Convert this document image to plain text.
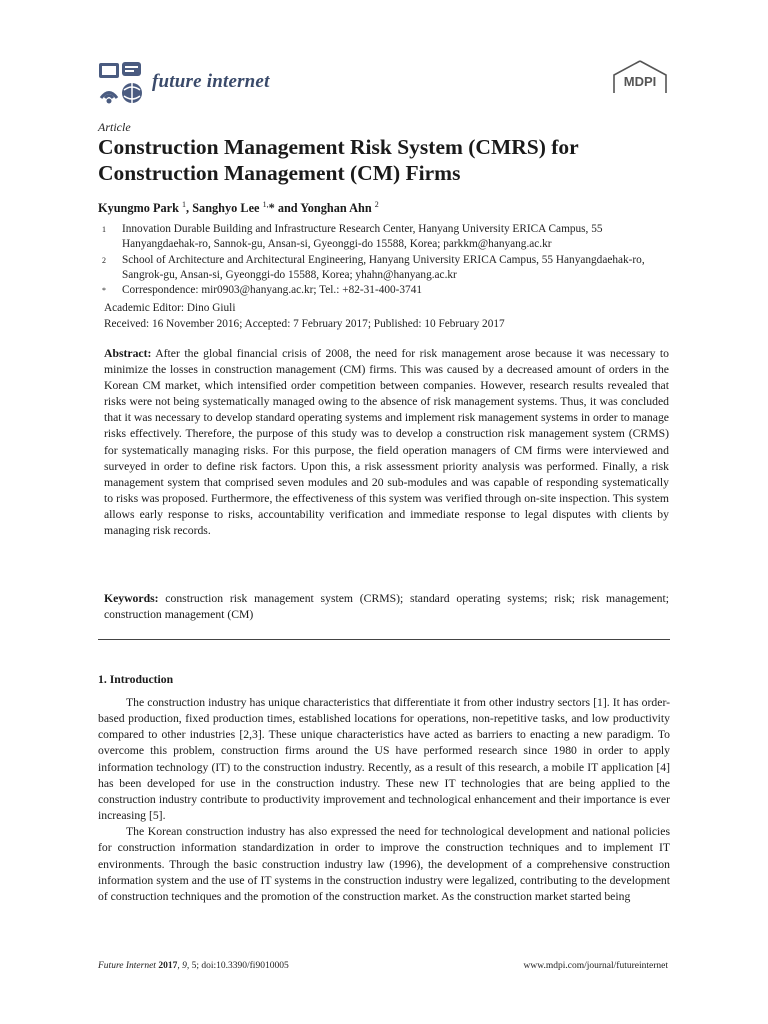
future internet	MDPI
Article
Construction Management Risk System (CMRS) for Construction Management (CM) Firms
Kyungmo Park $^1$, Sanghyo Lee $^{1,}$* and Yonghan Ahn $^2$
1	Innovation Durable Building and Infrastructure Research Center, Hanyang University ERICA Campus, 55 Hanyangdaehak-ro, Sannok-gu, Ansan-si, Gyeonggi-do 15588, Korea; parkkm@hanyang.ac.kr
2	School of Architecture and Architectural Engineering, Hanyang University ERICA Campus, 55 Hanyangdaehak-ro, Sangrok-gu, Ansan-si, Gyeonggi-do 15588, Korea; yhahn@hanyang.ac.kr
*	Correspondence: mir0903@hanyang.ac.kr; Tel.: +82-31-400-3741
Academic Editor: Dino Giuli
Received: 16 November 2016; Accepted: 7 February 2017; Published: 10 February 2017

Abstract: After the global financial crisis of 2008, the need for risk management arose because it was necessary to minimize the losses in construction management (CM) firms. This was caused by a decreased amount of orders in the Korean CM market, which intensified order competition between companies. However, research results revealed that risks were not being systematically managed owing to the absence of risk management systems. Thus, it was concluded that it was necessary to develop standard operating systems and implement risk management systems in order to manage risks effectively. Therefore, the purpose of this study was to develop a construction risk management system (CRMS) for systematically managing risks. For this purpose, the field operation managers of CM firms were interviewed and surveyed in order to define risk factors. Upon this, a risk assessment priority analysis was performed. Finally, a risk management system that comprised seven modules and 20 sub-modules and was capable of responding systematically to risks was proposed. Furthermore, the effectiveness of this system was verified through on-site inspection. This system allows early response to risks, accountability verification and immediate response to legal disputes with clients by managing risk records.

Keywords: construction risk management system (CRMS); standard operating systems; risk; risk management; construction management (CM)

1. Introduction

The construction industry has unique characteristics that differentiate it from other industry sectors [1]. It has order-based production, fixed production times, established locations for operations, non-repetitive tasks, and low productivity compared to other industries [2,3]. These unique characteristics have acted as barriers to enacting a new paradigm. To overcome this problem, construction firms around the US have performed research since 1980 in order to apply information technology (IT) to the construction industry. Recently, as a result of this research, a mobile IT application [4] has been developed for use in the construction industry. These new IT technologies that are being applied to the construction industry contribute to productivity improvement and technological enhancement and their importance is ever increasing [5].

The Korean construction industry has also expressed the need for technological development and national policies for construction information standardization in order to improve the construction techniques and to implement IT environments. Through the basic construction industry law (1996), the development of a comprehensive construction information system and the use of IT systems in the construction industry were legalized, contributing to the development of construction techniques and the promotion of the construction market. As the construction market started being

Future Internet 2017, 9, 5; doi:10.3390/fi9010005	www.mdpi.com/journal/futureinternet
